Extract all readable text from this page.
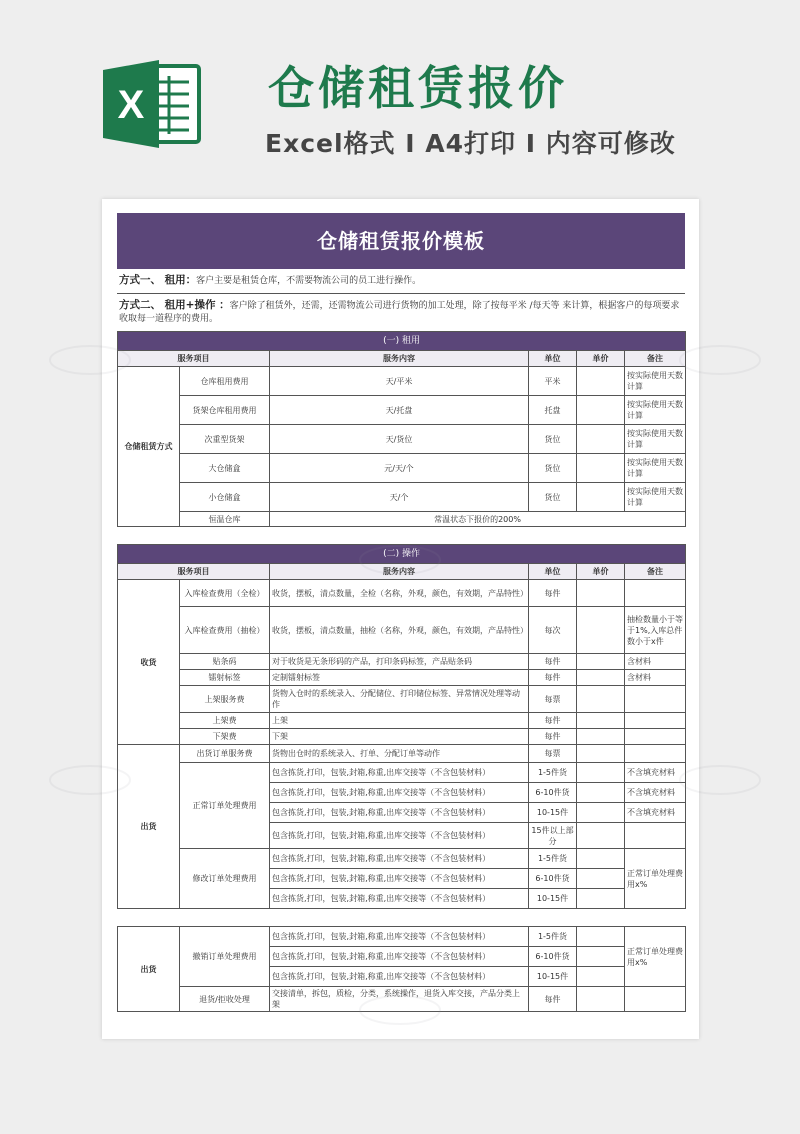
X	仓储租赁报价
Excel格式 I A4打印 I 内容可修改
仓储租赁报价模板
方式一、 租用：客户主要是租赁仓库，不需要物流公司的员工进行操作。
方式二、 租用+操作 ：客户除了租赁外，还需，还需物流公司进行货物的加工处理，除了按每平米 /每天等 来计算，根据客户的每项要求收取每一道程序的费用。
(一) 租用					
服务项目		服务内容	单位	单价	备注
仓储租赁方式	仓库租用费用	天/平米	平米		按实际使用天数计算
	货架仓库租用费用	天/托盘	托盘		按实际使用天数计算
	次重型货架	天/货位	货位		按实际使用天数计算
	大仓储盒	元/天/个	货位		按实际使用天数计算
	小仓储盒	天/个	货位		按实际使用天数计算
	恒温仓库	常温状态下报价的200%			
(二) 操作					
服务项目		服务内容	单位	单价	备注
收货	入库检查费用（全检）	收货，摆板，清点数量，全检（名称，外观，颜色，有效期，产品特性）	每件		
	入库检查费用（抽检）	收货，摆板，清点数量，抽检（名称，外观，颜色，有效期，产品特性）	每次		抽检数量小于等于1%,入库总件数小于x件
	贴条码	对于收货是无条形码的产品，打印条码标签，产品贴条码	每件		含材料
	镭射标签	定制镭射标签	每件		含材料
	上架服务费	货物入仓时的系统录入、分配储位、打印储位标签、异常情况处理等动作	每票		
	上架费	上架	每件		
	下架费	下架	每件		
出货	出货订单服务费	货物出仓时的系统录入、打单、分配订单等动作	每票		
	正常订单处理费用	包含拣货,打印，包装,封箱,称重,出库交接等（不含包装材料）	1-5件货		不含填充材料
		包含拣货,打印，包装,封箱,称重,出库交接等（不含包装材料）	6-10件货		不含填充材料
		包含拣货,打印，包装,封箱,称重,出库交接等（不含包装材料）	10-15件		不含填充材料
		包含拣货,打印，包装,封箱,称重,出库交接等（不含包装材料）	15件以上部分		
	修改订单处理费用	包含拣货,打印，包装,封箱,称重,出库交接等（不含包装材料）	1-5件货		正常订单处理费用x%
		包含拣货,打印，包装,封箱,称重,出库交接等（不含包装材料）	6-10件货		
		包含拣货,打印，包装,封箱,称重,出库交接等（不含包装材料）	10-15件		
出货	撤销订单处理费用	包含拣货,打印，包装,封箱,称重,出库交接等（不含包装材料）	1-5件货		正常订单处理费用x%
		包含拣货,打印，包装,封箱,称重,出库交接等（不含包装材料）	6-10件货		
		包含拣货,打印，包装,封箱,称重,出库交接等（不含包装材料）	10-15件		
	退货/拒收处理	交接清单，拆包，质检，分类，系统操作，退货入库交接，产品分类上架	每件		
